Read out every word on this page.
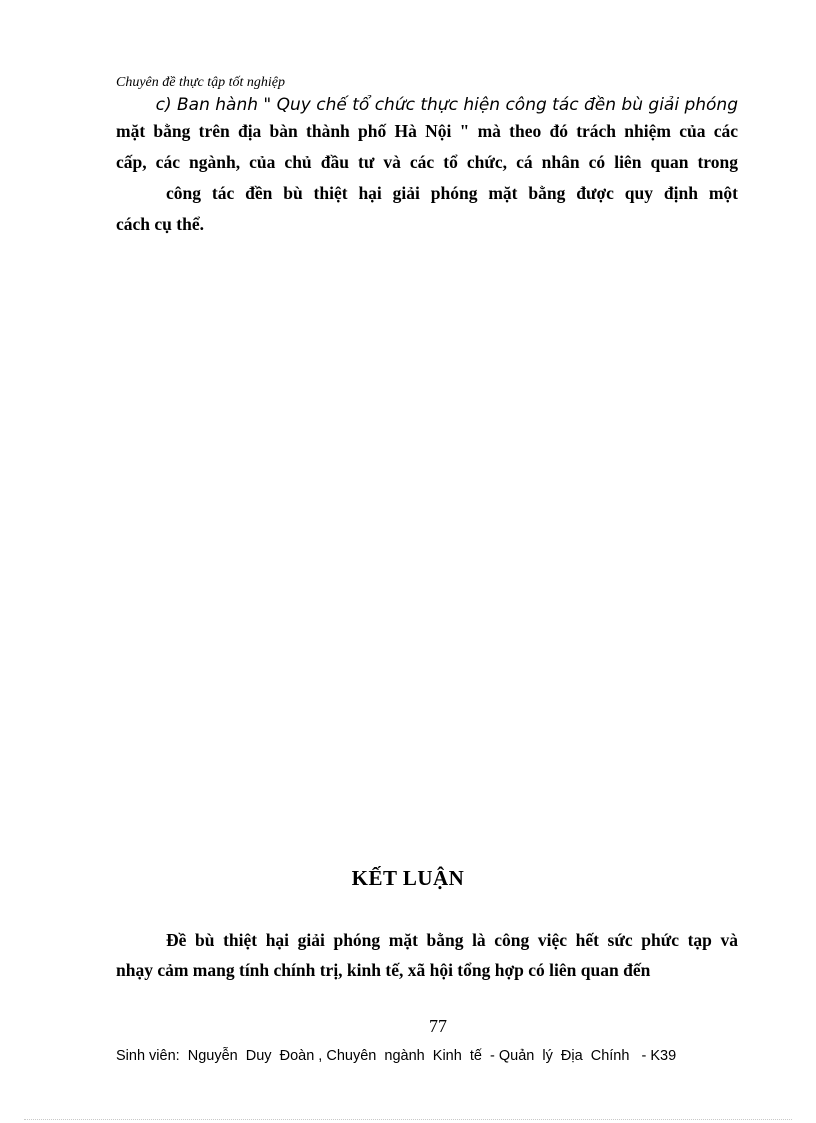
Chuyên đề thực tập tốt nghiệp
c) Ban hành " Quy chế tổ chức thực hiện công tác đền bù giải phóng
mặt bằng trên địa bàn thành phố Hà Nội " mà theo đó trách nhiệm của các
cấp, các ngành, của chủ đầu tư và các tổ chức, cá nhân có liên quan trong
công tác đền bù thiệt hại giải phóng mặt bằng được quy định một
cách cụ thể.
KẾT LUẬN
Đề bù thiệt hại giải phóng mặt bằng là công việc hết sức phức tạp và
nhạy cảm mang tính chính trị, kinh tế, xã hội tổng hợp có liên quan đến
77
Sinh viên:  Nguyễn  Duy  Đoàn , Chuyên  ngành  Kinh  tế  - Quản  lý  Địa  Chính   - K39
